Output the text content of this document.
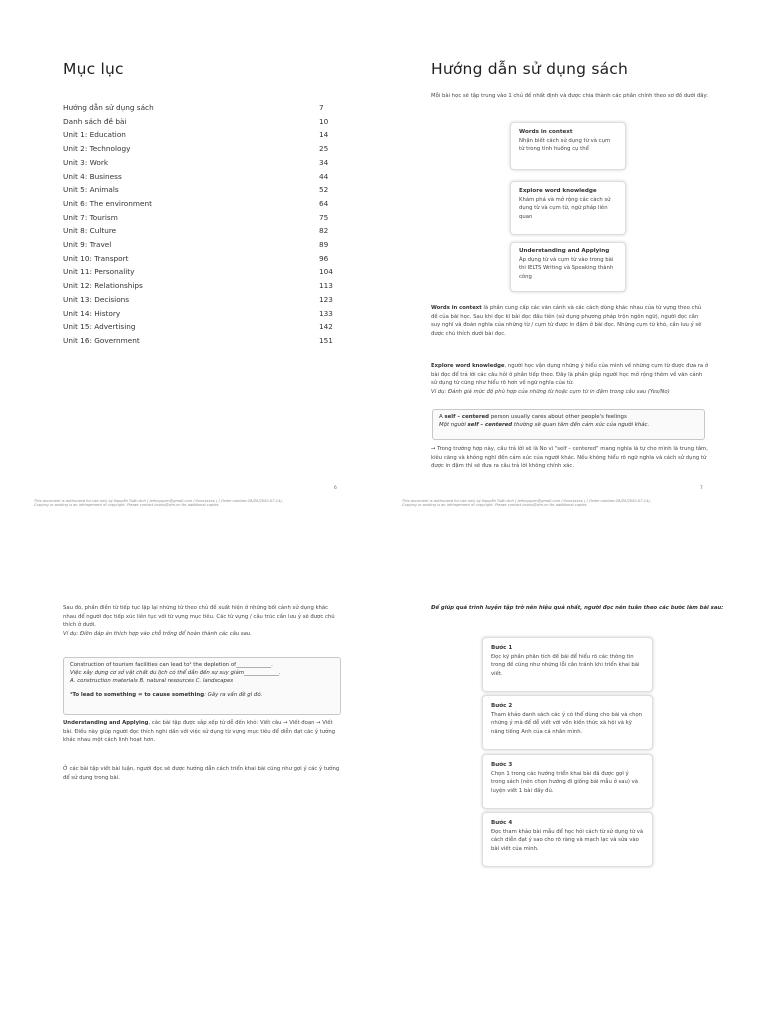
Mục lục
Hướng dẫn sử dụng sách	7
Danh sách đề bài	10
Unit 1: Education	14
Unit 2: Technology	25
Unit 3: Work	34
Unit 4: Business	44
Unit 5: Animals	52
Unit 6: The environment	64
Unit 7: Tourism	75
Unit 8: Culture	82
Unit 9: Travel	89
Unit 10: Transport	96
Unit 11: Personality	104
Unit 12: Relationships	113
Unit 13: Decisions	123
Unit 14: History	133
Unit 15: Advertising	142
Unit 16: Government	151
6
This document is authorized for use only by Nguyễn Tuấn Anh ( anhnguyen@gmail.com / 0xxxxxxxx ) ( Order number:26/ZS/2020-07-14).
Copying or posting is an infringement of copyright. Please contact books@zim.vn for additional copies.
Hướng dẫn sử dụng sách
Mỗi bài học sẽ tập trung vào 1 chủ đề nhất định và được chia thành các phần chính theo sơ đồ dưới đây:
Words in context
Nhận biết cách sử dụng từ và cụm từ trong tình huống cụ thể
Explore word knowledge
Khám phá và mở rộng các cách sử dụng từ và cụm từ, ngữ pháp liên quan
Understanding and Applying
Áp dụng từ và cụm từ vào trong bài thi IELTS Writing và Speaking thành công
Words in context là phần cung cấp các văn cảnh và các cách dùng khác nhau của từ vựng theo chủ đề của bài học. Sau khi đọc kĩ bài đọc đầu tiên (sử dụng phương pháp trộn ngôn ngữ), người đọc cần suy nghĩ và đoán nghĩa của những từ / cụm từ được in đậm ở bài đọc. Những cụm từ khó, cần lưu ý sẽ được chú thích dưới bài đọc.
Explore word knowledge, người học vận dụng những ý hiểu của mình về những cụm từ được đưa ra ở bài đọc để trả lời các câu hỏi ở phần tiếp theo. Đây là phần giúp người học mở rộng thêm về văn cảnh sử dụng từ cũng như hiểu rõ hơn về ngữ nghĩa của từ.
Ví dụ: Đánh giá mức độ phù hợp của những từ hoặc cụm từ in đậm trong câu sau (Yes/No)
A self – centered person usually cares about other people's feelings
Một người self – centered thường sẽ quan tâm đến cảm xúc của người khác.
→ Trong trường hợp này, câu trả lời sẽ là No vì "self – centered" mang nghĩa là tự cho mình là trung tâm, kiêu căng và không nghĩ đến cảm xúc của người khác. Nếu không hiểu rõ ngữ nghĩa và cách sử dụng từ được in đậm thì sẽ đưa ra câu trả lời không chính xác.
7
This document is authorized for use only by Nguyễn Tuấn Anh ( anhnguyen@gmail.com / 0xxxxxxxx ) ( Order number:26/ZS/2020-07-14).
Copying or posting is an infringement of copyright. Please contact books@zim.vn for additional copies.
Sau đó, phần điền từ tiếp tục lặp lại những từ theo chủ đề xuất hiện ở những bối cảnh sử dụng khác nhau để người đọc tiếp xúc liên tục với từ vựng mục tiêu. Các từ vựng / câu trúc cần lưu ý sẽ được chú thích ở dưới.
Ví dụ: Điền đáp án thích hợp vào chỗ trống để hoàn thành các câu sau.
Construction of tourism facilities can lead to¹ the depletion of_____________.
Việc xây dựng cơ sở vật chất du lịch có thể dẫn đến sự suy giảm_____________.
A. construction materials B. natural resources C. landscapes
¹To lead to something = to cause something: Gây ra vấn đề gì đó.
Understanding and Applying, các bài tập được sắp xếp từ dễ đến khó: Viết câu → Viết đoạn → Viết bài. Điều này giúp người đọc thích nghi dần với việc sử dụng từ vựng mục tiêu để diễn đạt các ý tưởng khác nhau một cách linh hoạt hơn.
Ở các bài tập viết bài luận, người đọc sẽ được hướng dẫn cách triển khai bài cũng như gợi ý các ý tưởng để sử dụng trong bài.
Để giúp quá trình luyện tập trở nên hiệu quả nhất, người đọc nên tuân theo các bước làm bài sau:
Bước 1
Đọc kỹ phần phân tích đề bài để hiểu rõ các thông tin trong đề cũng như những lỗi cần tránh khi triển khai bài viết.
Bước 2
Tham khảo danh sách các ý có thể dùng cho bài và chọn những ý mà để dễ viết với vốn kiến thức xã hội và kỹ năng tiếng Anh của cá nhân mình.
Bước 3
Chọn 1 trong các hướng triển khai bài đã được gợi ý trong sách (nên chọn hướng đi giống bài mẫu ở sau) và luyện viết 1 bài đầy đủ.
Bước 4
Đọc tham khảo bài mẫu để học hỏi cách từ sử dụng từ và cách diễn đạt ý sao cho rõ ràng và mạch lạc và sửa vào bài viết của mình.
